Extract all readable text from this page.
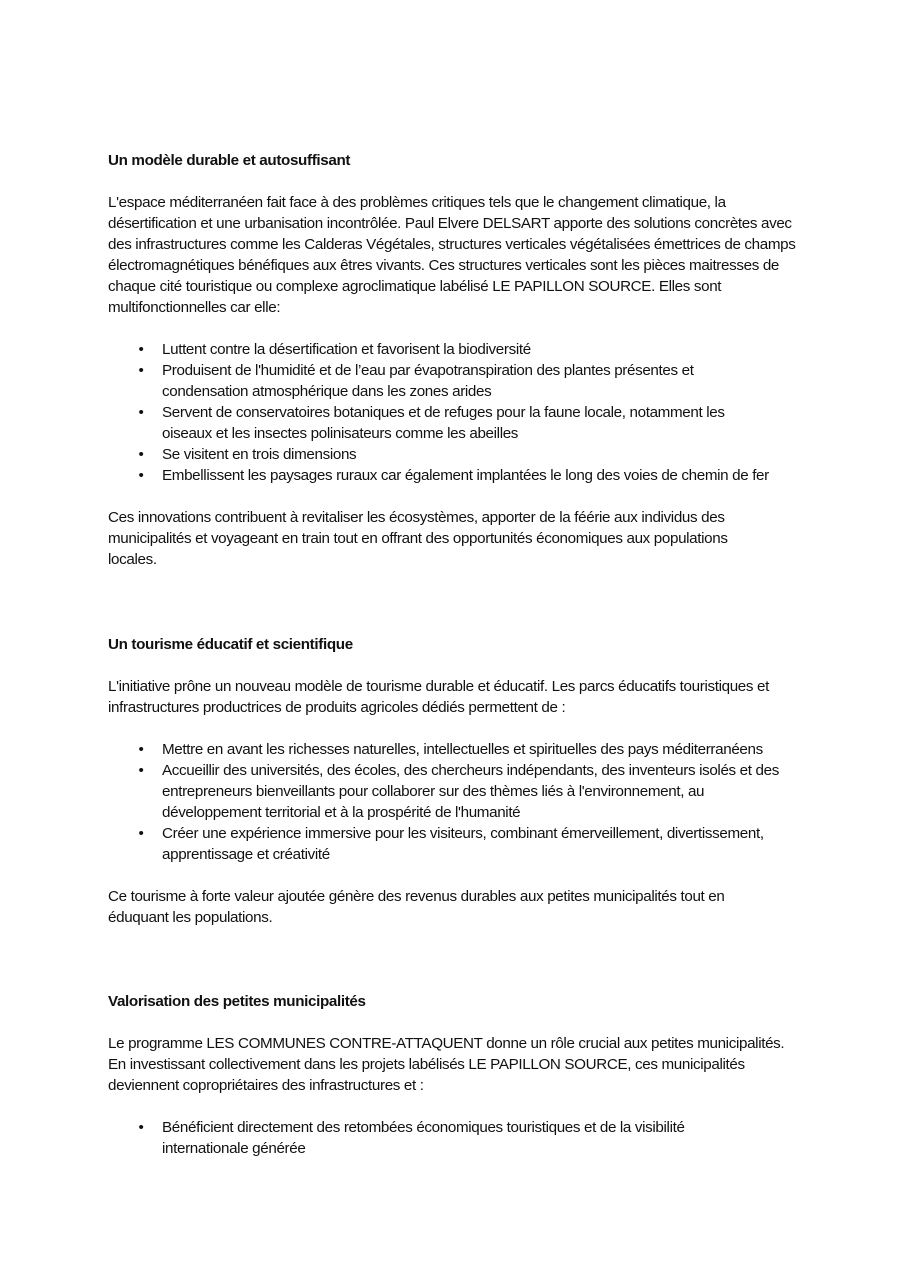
Un modèle durable et autosuffisant

L'espace méditerranéen fait face à des problèmes critiques tels que le changement climatique, la désertification et une urbanisation incontrôlée. Paul Elvere DELSART apporte des solutions concrètes avec des infrastructures comme les Calderas Végétales, structures verticales végétalisées émettrices de champs électromagnétiques bénéfiques aux êtres vivants. Ces structures verticales sont les pièces maitresses de chaque cité touristique ou complexe agroclimatique labélisé LE PAPILLON SOURCE. Elles sont multifonctionnelles car elle:

• Luttent contre la désertification et favorisent la biodiversité
• Produisent de l'humidité et de l’eau par évapotranspiration des plantes présentes et condensation atmosphérique dans les zones arides
• Servent de conservatoires botaniques et de refuges pour la faune locale, notamment les oiseaux et les insectes polinisateurs comme les abeilles
• Se visitent en trois dimensions
• Embellissent les paysages ruraux car également implantées le long des voies de chemin de fer

Ces innovations contribuent à revitaliser les écosystèmes, apporter de la féérie aux individus des municipalités et voyageant en train tout en offrant des opportunités économiques aux populations locales.

Un tourisme éducatif et scientifique

L'initiative prône un nouveau modèle de tourisme durable et éducatif. Les parcs éducatifs touristiques et infrastructures productrices de produits agricoles dédiés permettent de :

• Mettre en avant les richesses naturelles, intellectuelles et spirituelles des pays méditerranéens
• Accueillir des universités, des écoles, des chercheurs indépendants, des inventeurs isolés et des entrepreneurs bienveillants pour collaborer sur des thèmes liés à l'environnement, au développement territorial et à la prospérité de l'humanité
• Créer une expérience immersive pour les visiteurs, combinant émerveillement, divertissement, apprentissage et créativité

Ce tourisme à forte valeur ajoutée génère des revenus durables aux petites municipalités tout en éduquant les populations.

Valorisation des petites municipalités

Le programme LES COMMUNES CONTRE-ATTAQUENT donne un rôle crucial aux petites municipalités. En investissant collectivement dans les projets labélisés LE PAPILLON SOURCE, ces municipalités deviennent copropriétaires des infrastructures et :

• Bénéficient directement des retombées économiques touristiques et de la visibilité internationale générée
